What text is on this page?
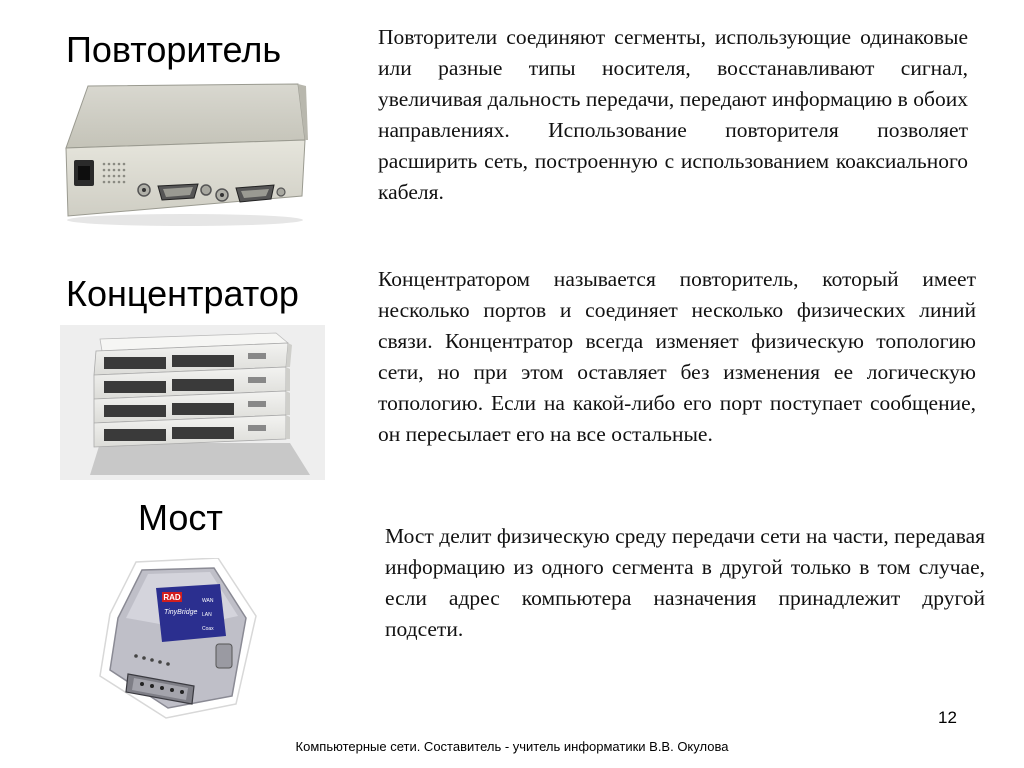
Повторитель	Повторители соединяют сегменты, использующие одинаковые или разные типы носителя, восстанавливают сигнал, увеличивая дальность передачи, передают информацию в обоих направлениях. Использование повторителя позволяет расширить сеть, построенную с использованием коаксиального кабеля.

Концентратор	Концентратором называется повторитель, который имеет несколько портов и соединяет несколько физических линий связи. Концентратор всегда изменяет физическую топологию сети, но при этом оставляет без изменения ее логическую топологию. Если на какой-либо его порт поступает сообщение, он пересылает его на все остальные.

Мост
RAD
TinyBridge
WAN
LAN
Coax

Мост делит физическую среду передачи сети на части, передавая информацию из одного сегмента в другой только в том случае, если адрес компьютера назначения принадлежит другой подсети.

12
Компьютерные сети. Составитель - учитель информатики В.В. Окулова
